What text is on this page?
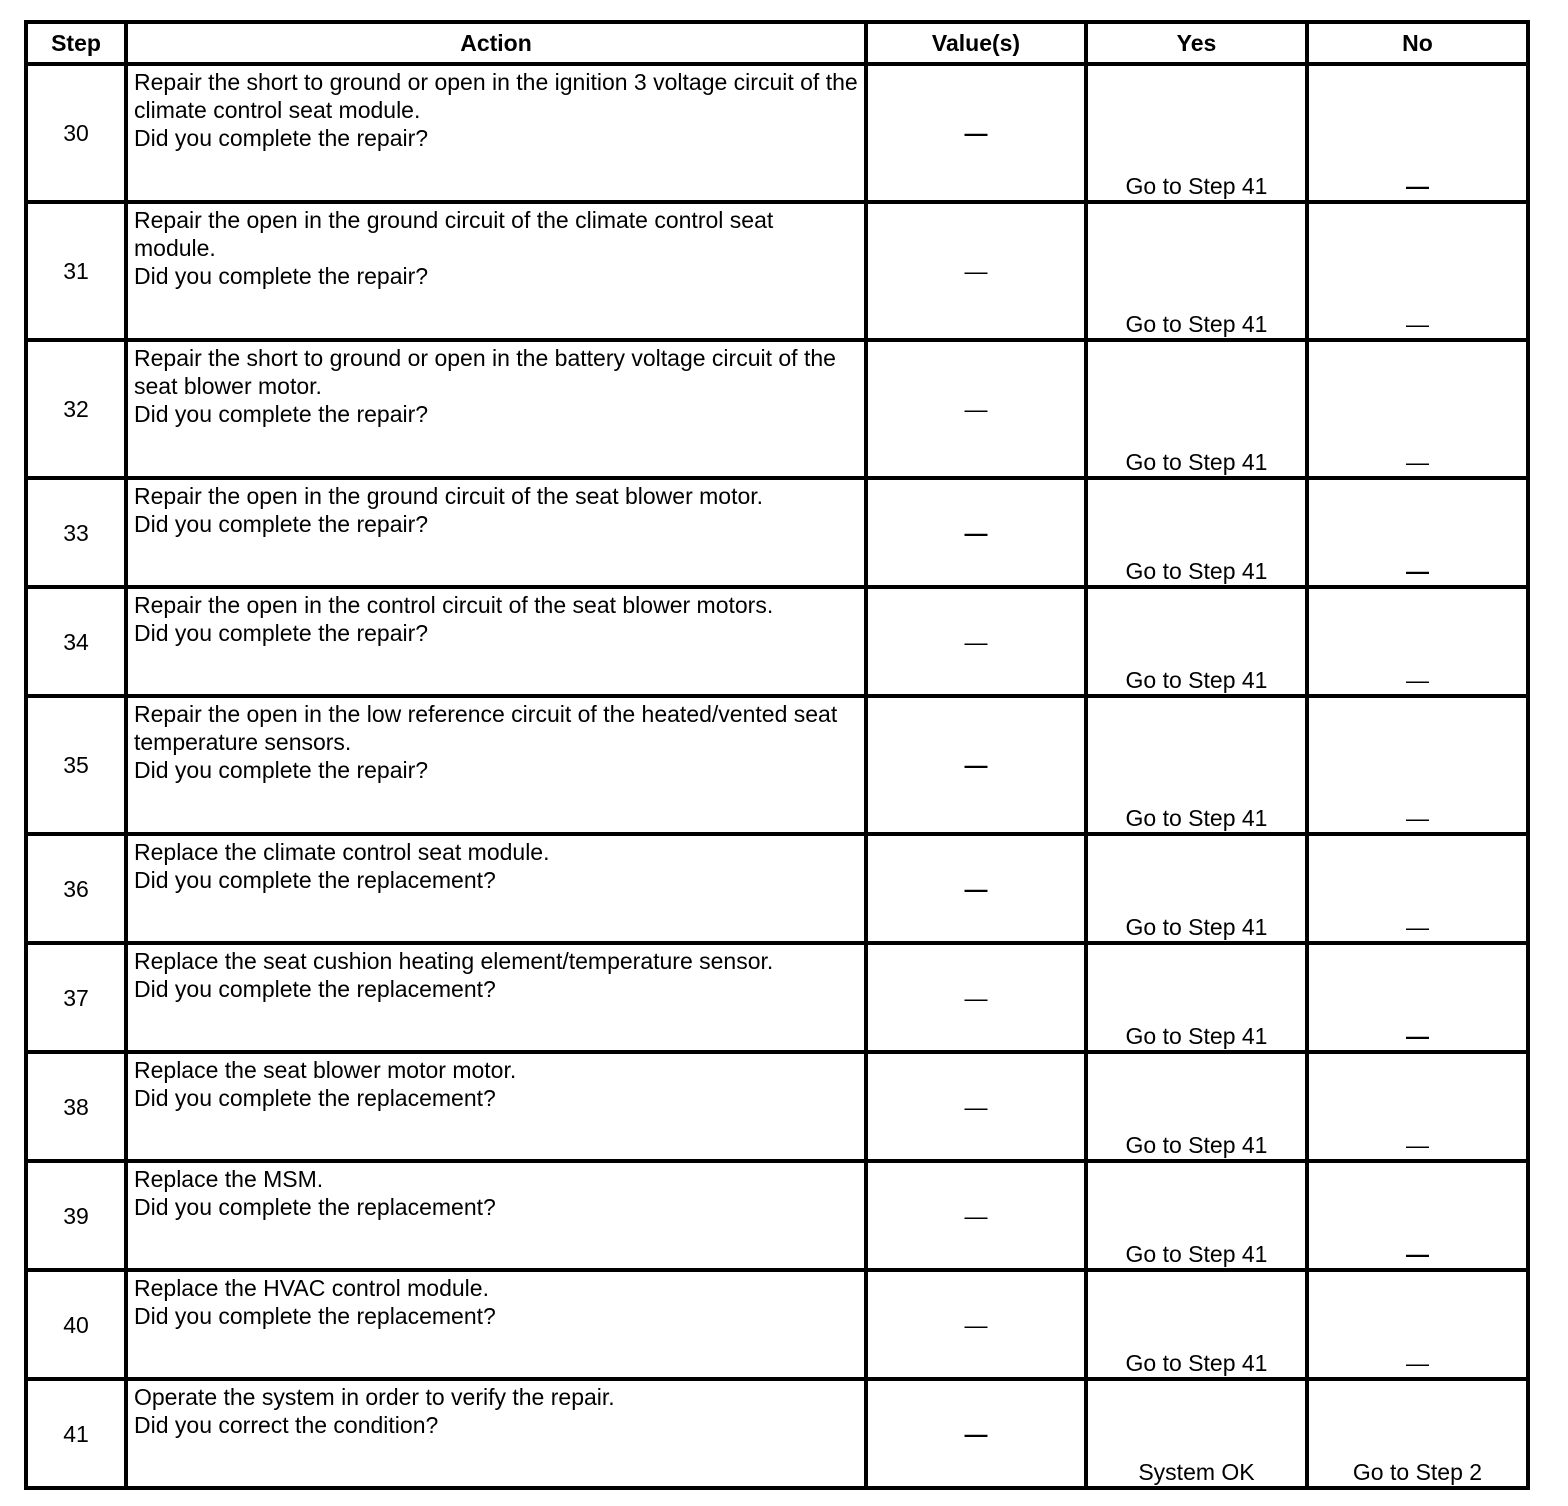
Step	Action	Value(s)	Yes	No
30	Repair the short to ground or open in the ignition 3 voltage circuit of the climate control seat module.
Did you complete the repair?	—	Go to Step 41	—
31	Repair the open in the ground circuit of the climate control seat module.
Did you complete the repair?	—	Go to Step 41	—
32	Repair the short to ground or open in the battery voltage circuit of the seat blower motor.
Did you complete the repair?	—	Go to Step 41	—
33	Repair the open in the ground circuit of the seat blower motor.
Did you complete the repair?	—	Go to Step 41	—
34	Repair the open in the control circuit of the seat blower motors.
Did you complete the repair?	—	Go to Step 41	—
35	Repair the open in the low reference circuit of the heated/vented seat temperature sensors.
Did you complete the repair?	—	Go to Step 41	—
36	Replace the climate control seat module.
Did you complete the replacement?	—	Go to Step 41	—
37	Replace the seat cushion heating element/temperature sensor.
Did you complete the replacement?	—	Go to Step 41	—
38	Replace the seat blower motor motor.
Did you complete the replacement?	—	Go to Step 41	—
39	Replace the MSM.
Did you complete the replacement?	—	Go to Step 41	—
40	Replace the HVAC control module.
Did you complete the replacement?	—	Go to Step 41	—
41	Operate the system in order to verify the repair.
Did you correct the condition?	—	System OK	Go to Step 2
